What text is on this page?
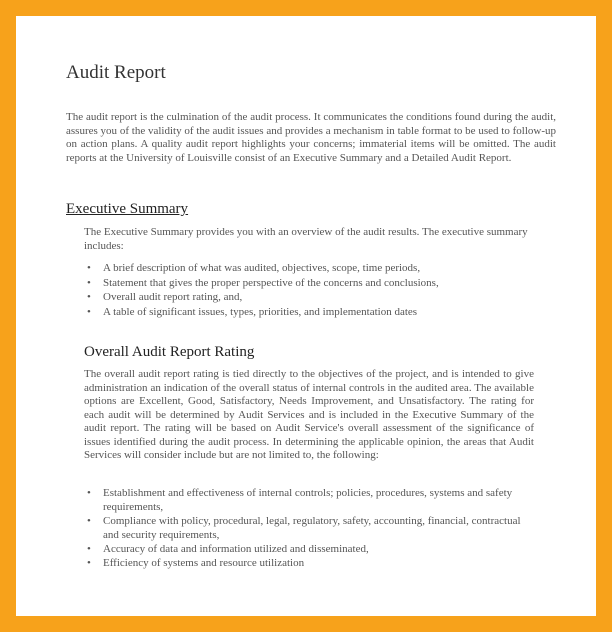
Audit Report

The audit report is the culmination of the audit process. It communicates the conditions found during the audit, assures you of the validity of the audit issues and provides a mechanism in table format to be used to follow-up on action plans. A quality audit report highlights your concerns; immaterial items will be omitted. The audit reports at the University of Louisville consist of an Executive Summary and a Detailed Audit Report.

Executive Summary

The Executive Summary provides you with an overview of the audit results. The executive summary includes:

• A brief description of what was audited, objectives, scope, time periods,
• Statement that gives the proper perspective of the concerns and conclusions,
• Overall audit report rating, and,
• A table of significant issues, types, priorities, and implementation dates
Overall Audit Report Rating

The overall audit report rating is tied directly to the objectives of the project, and is intended to give administration an indication of the overall status of internal controls in the audited area. The available options are Excellent, Good, Satisfactory, Needs Improvement, and Unsatisfactory. The rating for each audit will be determined by Audit Services and is included in the Executive Summary of the audit report. The rating will be based on Audit Service's overall assessment of the significance of issues identified during the audit process. In determining the applicable opinion, the areas that Audit Services will consider include but are not limited to, the following:

• Establishment and effectiveness of internal controls; policies, procedures, systems and safety requirements,
• Compliance with policy, procedural, legal, regulatory, safety, accounting, financial, contractual and security requirements,
• Accuracy of data and information utilized and disseminated,
• Efficiency of systems and resource utilization
